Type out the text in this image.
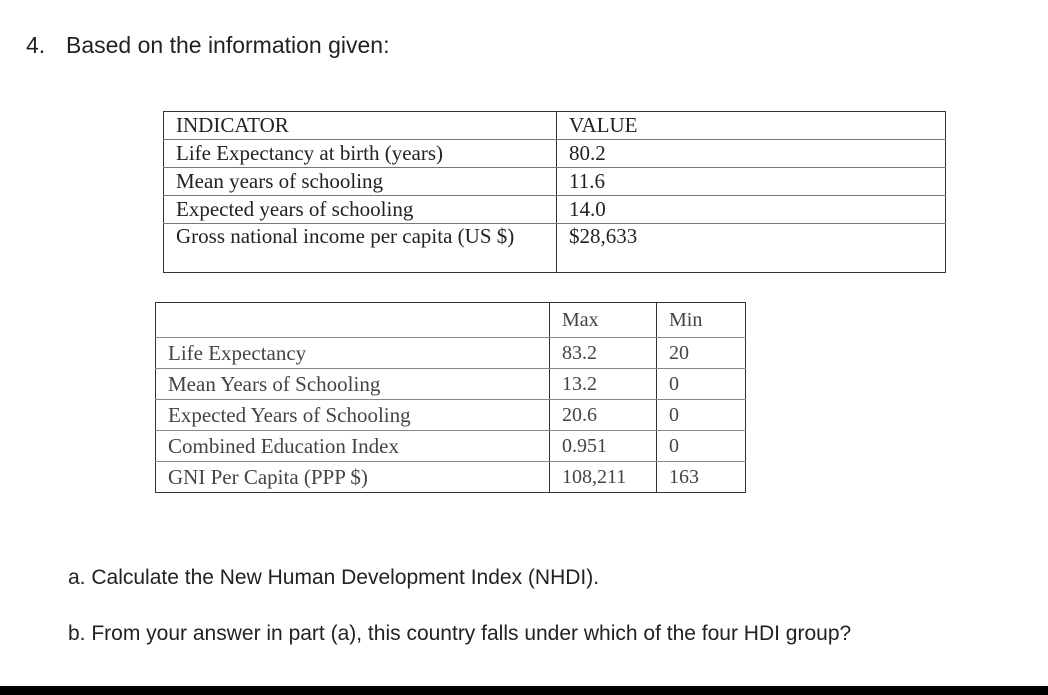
4. Based on the information given:
INDICATOR	VALUE
Life Expectancy at birth (years)	80.2
Mean years of schooling	11.6
Expected years of schooling	14.0
Gross national income per capita (US $)	$28,633
	Max	Min
Life Expectancy	83.2	20
Mean Years of Schooling	13.2	0
Expected Years of Schooling	20.6	0
Combined Education Index	0.951	0
GNI Per Capita (PPP $)	108,211	163
a. Calculate the New Human Development Index (NHDI).
b. From your answer in part (a), this country falls under which of the four HDI group?
